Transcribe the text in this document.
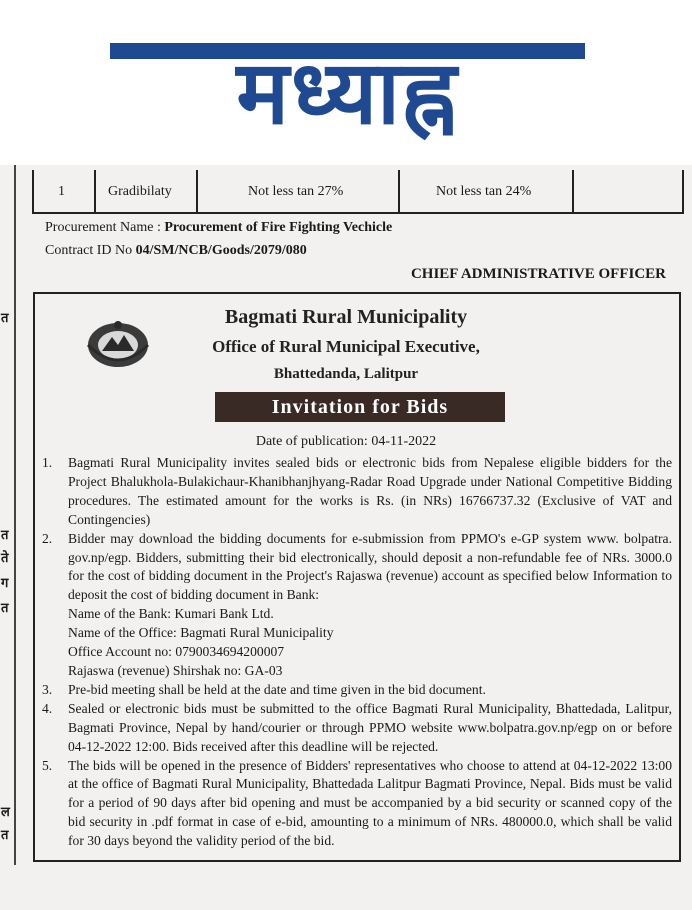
मध्याह्न
त
त
ते
ग
त
ल
त
1	Gradibilaty	Not less tan 27%	Not less tan 24%
Procurement Name : Procurement of Fire Fighting Vechicle
Contract ID No 04/SM/NCB/Goods/2079/080
CHIEF ADMINISTRATIVE OFFICER
Bagmati Rural Municipality
Office of Rural Municipal Executive,
Bhattedanda, Lalitpur
Invitation for Bids
Date of publication: 04-11-2022
1. Bagmati Rural Municipality invites sealed bids or electronic bids from Nepalese eligible bidders for the Project Bhalukhola-Bulakichaur-Khanibhanjhyang-Radar Road Upgrade under National Competitive Bidding procedures. The estimated amount for the works is Rs. (in NRs) 16766737.32 (Exclusive of VAT and Contingencies)
2. Bidder may download the bidding documents for e-submission from PPMO's e-GP system www. bolpatra. gov.np/egp. Bidders, submitting their bid electronically, should deposit a non-refundable fee of NRs. 3000.0 for the cost of bidding document in the Project's Rajaswa (revenue) account as specified below Information to deposit the cost of bidding document in Bank:
Name of the Bank: Kumari Bank Ltd.
Name of the Office: Bagmati Rural Municipality
Office Account no: 0790034694200007
Rajaswa (revenue) Shirshak no: GA-03
3. Pre-bid meeting shall be held at the date and time given in the bid document.
4. Sealed or electronic bids must be submitted to the office Bagmati Rural Municipality, Bhattedada, Lalitpur, Bagmati Province, Nepal by hand/courier or through PPMO website www.bolpatra.gov.np/egp on or before 04-12-2022 12:00. Bids received after this deadline will be rejected.
5. The bids will be opened in the presence of Bidders' representatives who choose to attend at 04-12-2022 13:00 at the office of Bagmati Rural Municipality, Bhattedada Lalitpur Bagmati Province, Nepal. Bids must be valid for a period of 90 days after bid opening and must be accompanied by a bid security or scanned copy of the bid security in .pdf format in case of e-bid, amounting to a minimum of NRs. 480000.0, which shall be valid for 30 days beyond the validity period of the bid.
